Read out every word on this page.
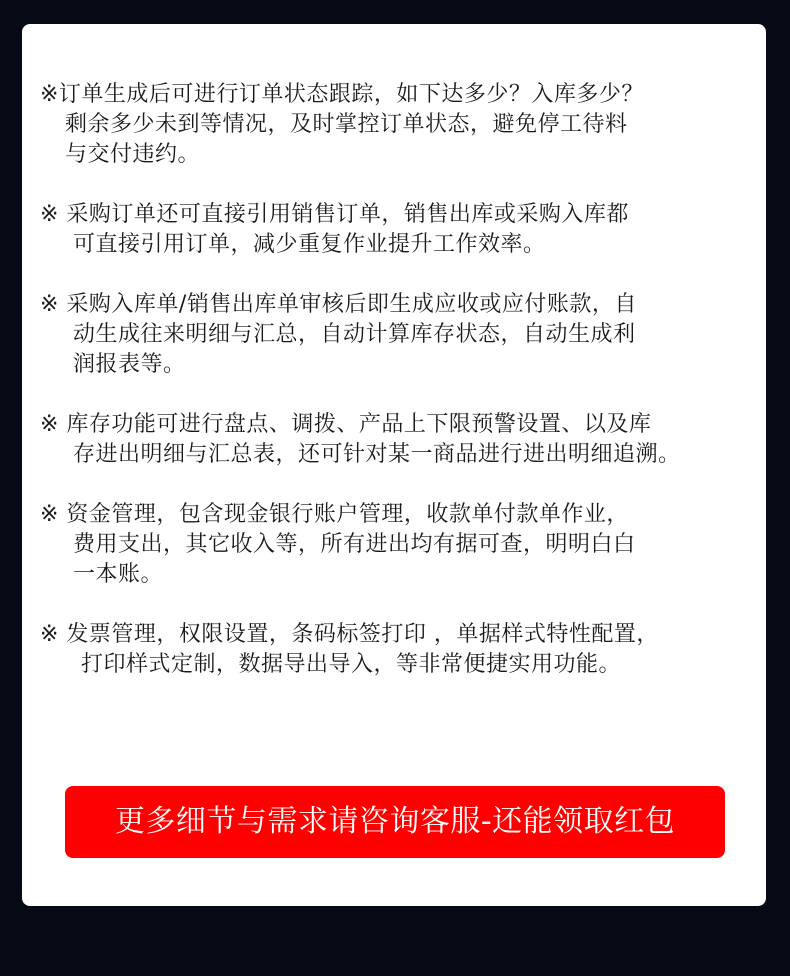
※订单生成后可进行订单状态跟踪，如下达多少？入库多少？
剩余多少未到等情况，及时掌控订单状态，避免停工待料
与交付违约。
※ 采购订单还可直接引用销售订单，销售出库或采购入库都
可直接引用订单，减少重复作业提升工作效率。
※ 采购入库单/销售出库单审核后即生成应收或应付账款，自
动生成往来明细与汇总，自动计算库存状态，自动生成利
润报表等。
※ 库存功能可进行盘点、调拨、产品上下限预警设置、以及库
存进出明细与汇总表，还可针对某一商品进行进出明细追溯。
※ 资金管理，包含现金银行账户管理，收款单付款单作业，
费用支出，其它收入等，所有进出均有据可查，明明白白
一本账。
※ 发票管理，权限设置，条码标签打印 ，单据样式特性配置，
打印样式定制，数据导出导入，等非常便捷实用功能。
更多细节与需求请咨询客服-还能领取红包
